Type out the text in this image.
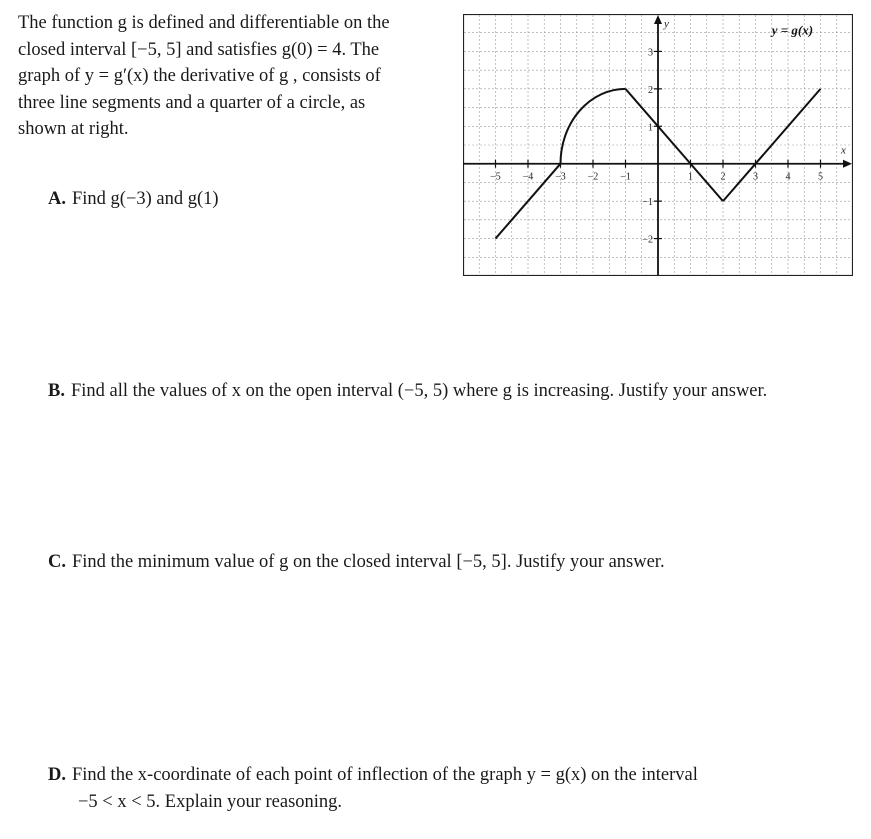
The function g is defined and differentiable on the
closed interval [−5, 5] and satisfies g(0) = 4. The
graph of y = g′(x) the derivative of g , consists of
three line segments and a quarter of a circle, as
shown at right.
A. Find g(−3) and g(1)
B. Find all the values of x on the open interval (−5, 5) where g is increasing. Justify your answer.
C. Find the minimum value of g on the closed interval [−5, 5]. Justify your answer.
D. Find the x-coordinate of each point of inflection of the graph y = g(x) on the interval
−5 < x < 5. Explain your reasoning.
−5 −4 −3 −2 −1	1	2	3	4	5
−2
−1
1
2
3
x
y	y = g(x)
